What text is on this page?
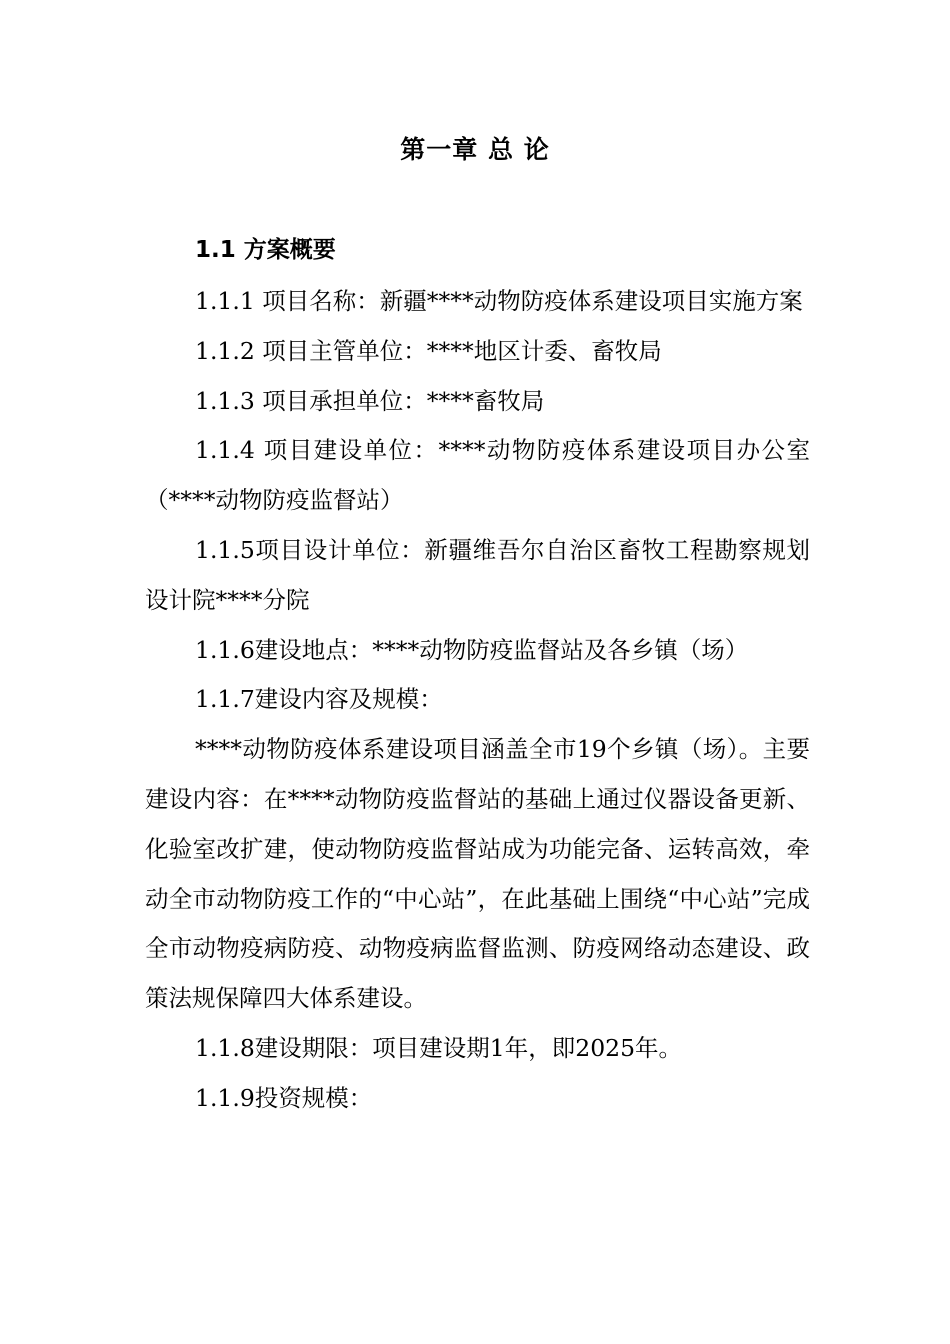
第一章 总 论
1.1 方案概要

1.1.1 项目名称：新疆****动物防疫体系建设项目实施方案

1.1.2 项目主管单位：****地区计委、畜牧局

1.1.3 项目承担单位：****畜牧局

1.1.4 项目建设单位：****动物防疫体系建设项目办公室（****动物防疫监督站）

1.1.5项目设计单位：新疆维吾尔自治区畜牧工程勘察规划设计院****分院

1.1.6建设地点：****动物防疫监督站及各乡镇（场）

1.1.7建设内容及规模：

****动物防疫体系建设项目涵盖全市19个乡镇（场）。主要建设内容：在****动物防疫监督站的基础上通过仪器设备更新、化验室改扩建，使动物防疫监督站成为功能完备、运转高效，牵动全市动物防疫工作的“中心站”，在此基础上围绕“中心站”完成全市动物疫病防疫、动物疫病监督监测、防疫网络动态建设、政策法规保障四大体系建设。

1.1.8建设期限：项目建设期1年，即2025年。

1.1.9投资规模：
